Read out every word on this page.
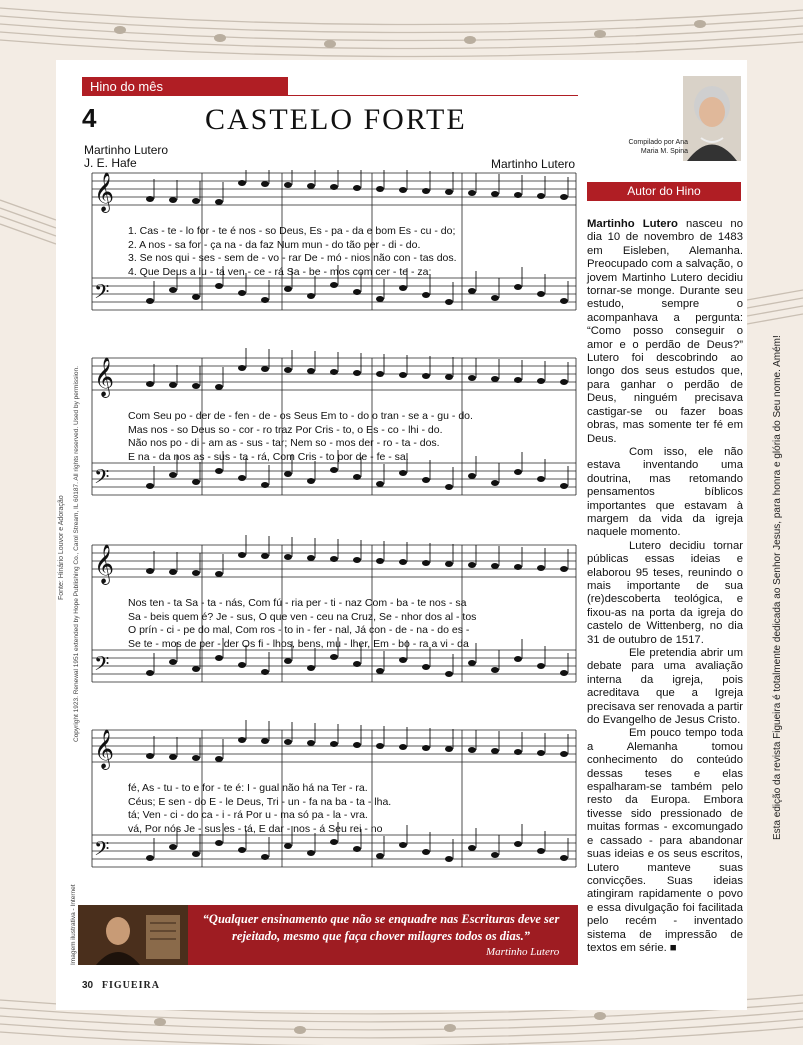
Hino do mês
4	CASTELO FORTE
Martinho Lutero
J. E. Hafe	Martinho Lutero
𝄞
𝄢
𝄞
𝄢
𝄞
𝄢
𝄞
𝄢
1. Cas - te - lo for - te é nos - so Deus, Es - pa - da e bom Es - cu - do;
2. A nos - sa for - ça na - da faz Num mun - do tão per - di - do.
3. Se nos qui - ses - sem de - vo - rar De - mó - nios não con - tas dos.
4. Que Deus a lu - ta ven - ce - rá Sa - be - mos com cer - te - za;
Com Seu po - der de - fen - de - os Seus Em to - do o tran - se a - gu - do.
Mas nos - so Deus so - cor - ro traz Por Cris - to, o Es - co - lhi - do.
Não nos po - di - am as - sus - tar; Nem so - mos der - ro - ta - dos.
E na - da nos as - sus - ta - rá, Com Cris - to por de - fe - sa.
Nos ten - ta Sa - ta - nás, Com fú - ria per - ti - naz Com - ba - te nos - sa
Sa - beis quem é? Je - sus, O que ven - ceu na Cruz, Se - nhor dos al - tos
O prín - ci - pe do mal, Com ros - to in - fer - nal, Já con - de - na - do es -
Se te - mos de per - der Os fi - lhos, bens, mu - lher, Em - bo - ra a vi - da
fé, As - tu - to e for - te é: I - gual não há na Ter - ra.
Céus; E sen - do E - le Deus, Tri - un - fa na ba - ta - lha.
tá; Ven - ci - do ca - i - rá Por u - ma só pa - la - vra.
vá, Por nós Je - sus es - tá, E dar - nos - á Seu rei - no
Fonte: Hinário Louvor e Adoração Copyright 1923. Renewal 1951 extended by Hope Publishing Co., Carol Stream, IL 60187. All rights reserved. Used by permission.
Imagem ilustrativa - Internet	“Qualquer ensinamento que não se enquadre nas Escrituras deve ser rejeitado, mesmo que faça chover milagres todos os dias.”
Martinho Lutero
Compilado por Ana Maria M. Spina
Autor do Hino

Martinho Lutero nasceu no dia 10 de novembro de 1483 em Eisleben, Alemanha. Preocupado com a salvação, o jovem Martinho Lutero decidiu tornar-se monge. Durante seu estudo, sempre o acompanhava a pergunta: “Como posso conseguir o amor e o perdão de Deus?” Lutero foi descobrindo ao longo dos seus estudos que, para ganhar o perdão de Deus, ninguém precisava castigar-se ou fazer boas obras, mas somente ter fé em Deus.

Com isso, ele não estava inventando uma doutrina, mas retomando pensamentos bíblicos importantes que estavam à margem da vida da igreja naquele momento.

Lutero decidiu tornar públicas essas ideias e elaborou 95 teses, reunindo o mais importante de sua (re)descoberta teológica, e fixou-as na porta da igreja do castelo de Wittenberg, no dia 31 de outubro de 1517.

Ele pretendia abrir um debate para uma avaliação interna da igreja, pois acreditava que a Igreja precisava ser renovada a partir do Evangelho de Jesus Cristo.

Em pouco tempo toda a Alemanha tomou conhecimento do conteúdo dessas teses e elas espalharam-se também pelo resto da Europa. Embora tivesse sido pressionado de muitas formas - excomungado e cassado - para abandonar suas ideias e os seus escritos, Lutero manteve suas convicções. Suas ideias atingiram rapidamente o povo e essa divulgação foi facilitada pelo recém - inventado sistema de impressão de textos em série. ■

Esta edição da revista Figueira é totalmente dedicada ao Senhor Jesus, para honra e glória do Seu nome. Amém!
30 FIGUEIRA
